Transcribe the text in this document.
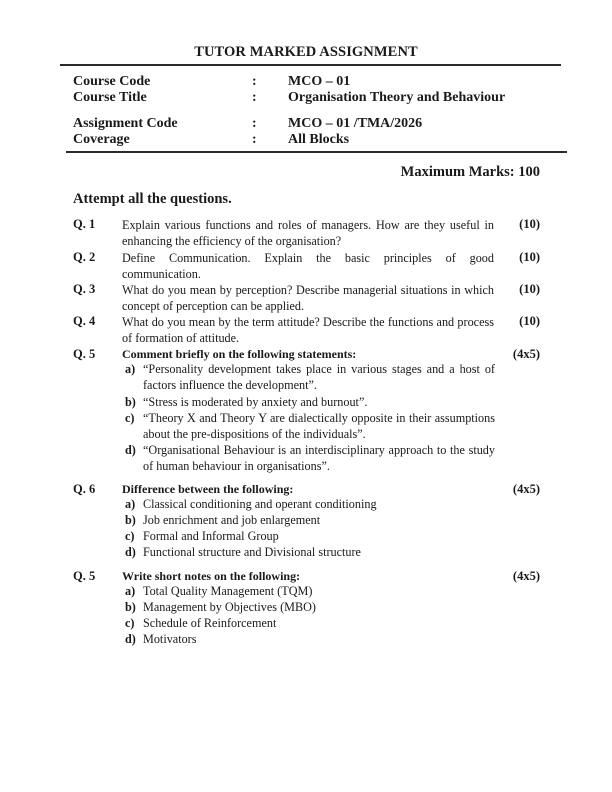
TUTOR MARKED ASSIGNMENT
Course Code	: MCO – 01
Course Title	: Organisation Theory and Behaviour
Assignment Code	: MCO – 01 /TMA/2026
Coverage	: All Blocks
Maximum Marks: 100
Attempt all the questions.
Q. 1 Explain various functions and roles of managers. How are they useful in enhancing the efficiency of the organisation?
(10)
Q. 2 Define Communication. Explain the basic principles of good communication.
(10)
Q. 3 What do you mean by perception? Describe managerial situations in which concept of perception can be applied.
(10)
Q. 4 What do you mean by the term attitude? Describe the functions and process of formation of attitude.
(10)
Q. 5 Comment briefly on the following statements:	(4x5)
a) “Personality development takes place in various stages and a host of factors influence the development”.
b) “Stress is moderated by anxiety and burnout”.
c) “Theory X and Theory Y are dialectically opposite in their assumptions about the pre-dispositions of the individuals”.
d) “Organisational Behaviour is an interdisciplinary approach to the study of human behaviour in organisations”.
Q. 6 Difference between the following:	(4x5)
a) Classical conditioning and operant conditioning
b) Job enrichment and job enlargement
c) Formal and Informal Group
d) Functional structure and Divisional structure
Q. 5 Write short notes on the following:	(4x5)
a) Total Quality Management (TQM)
b) Management by Objectives (MBO)
c) Schedule of Reinforcement
d) Motivators
